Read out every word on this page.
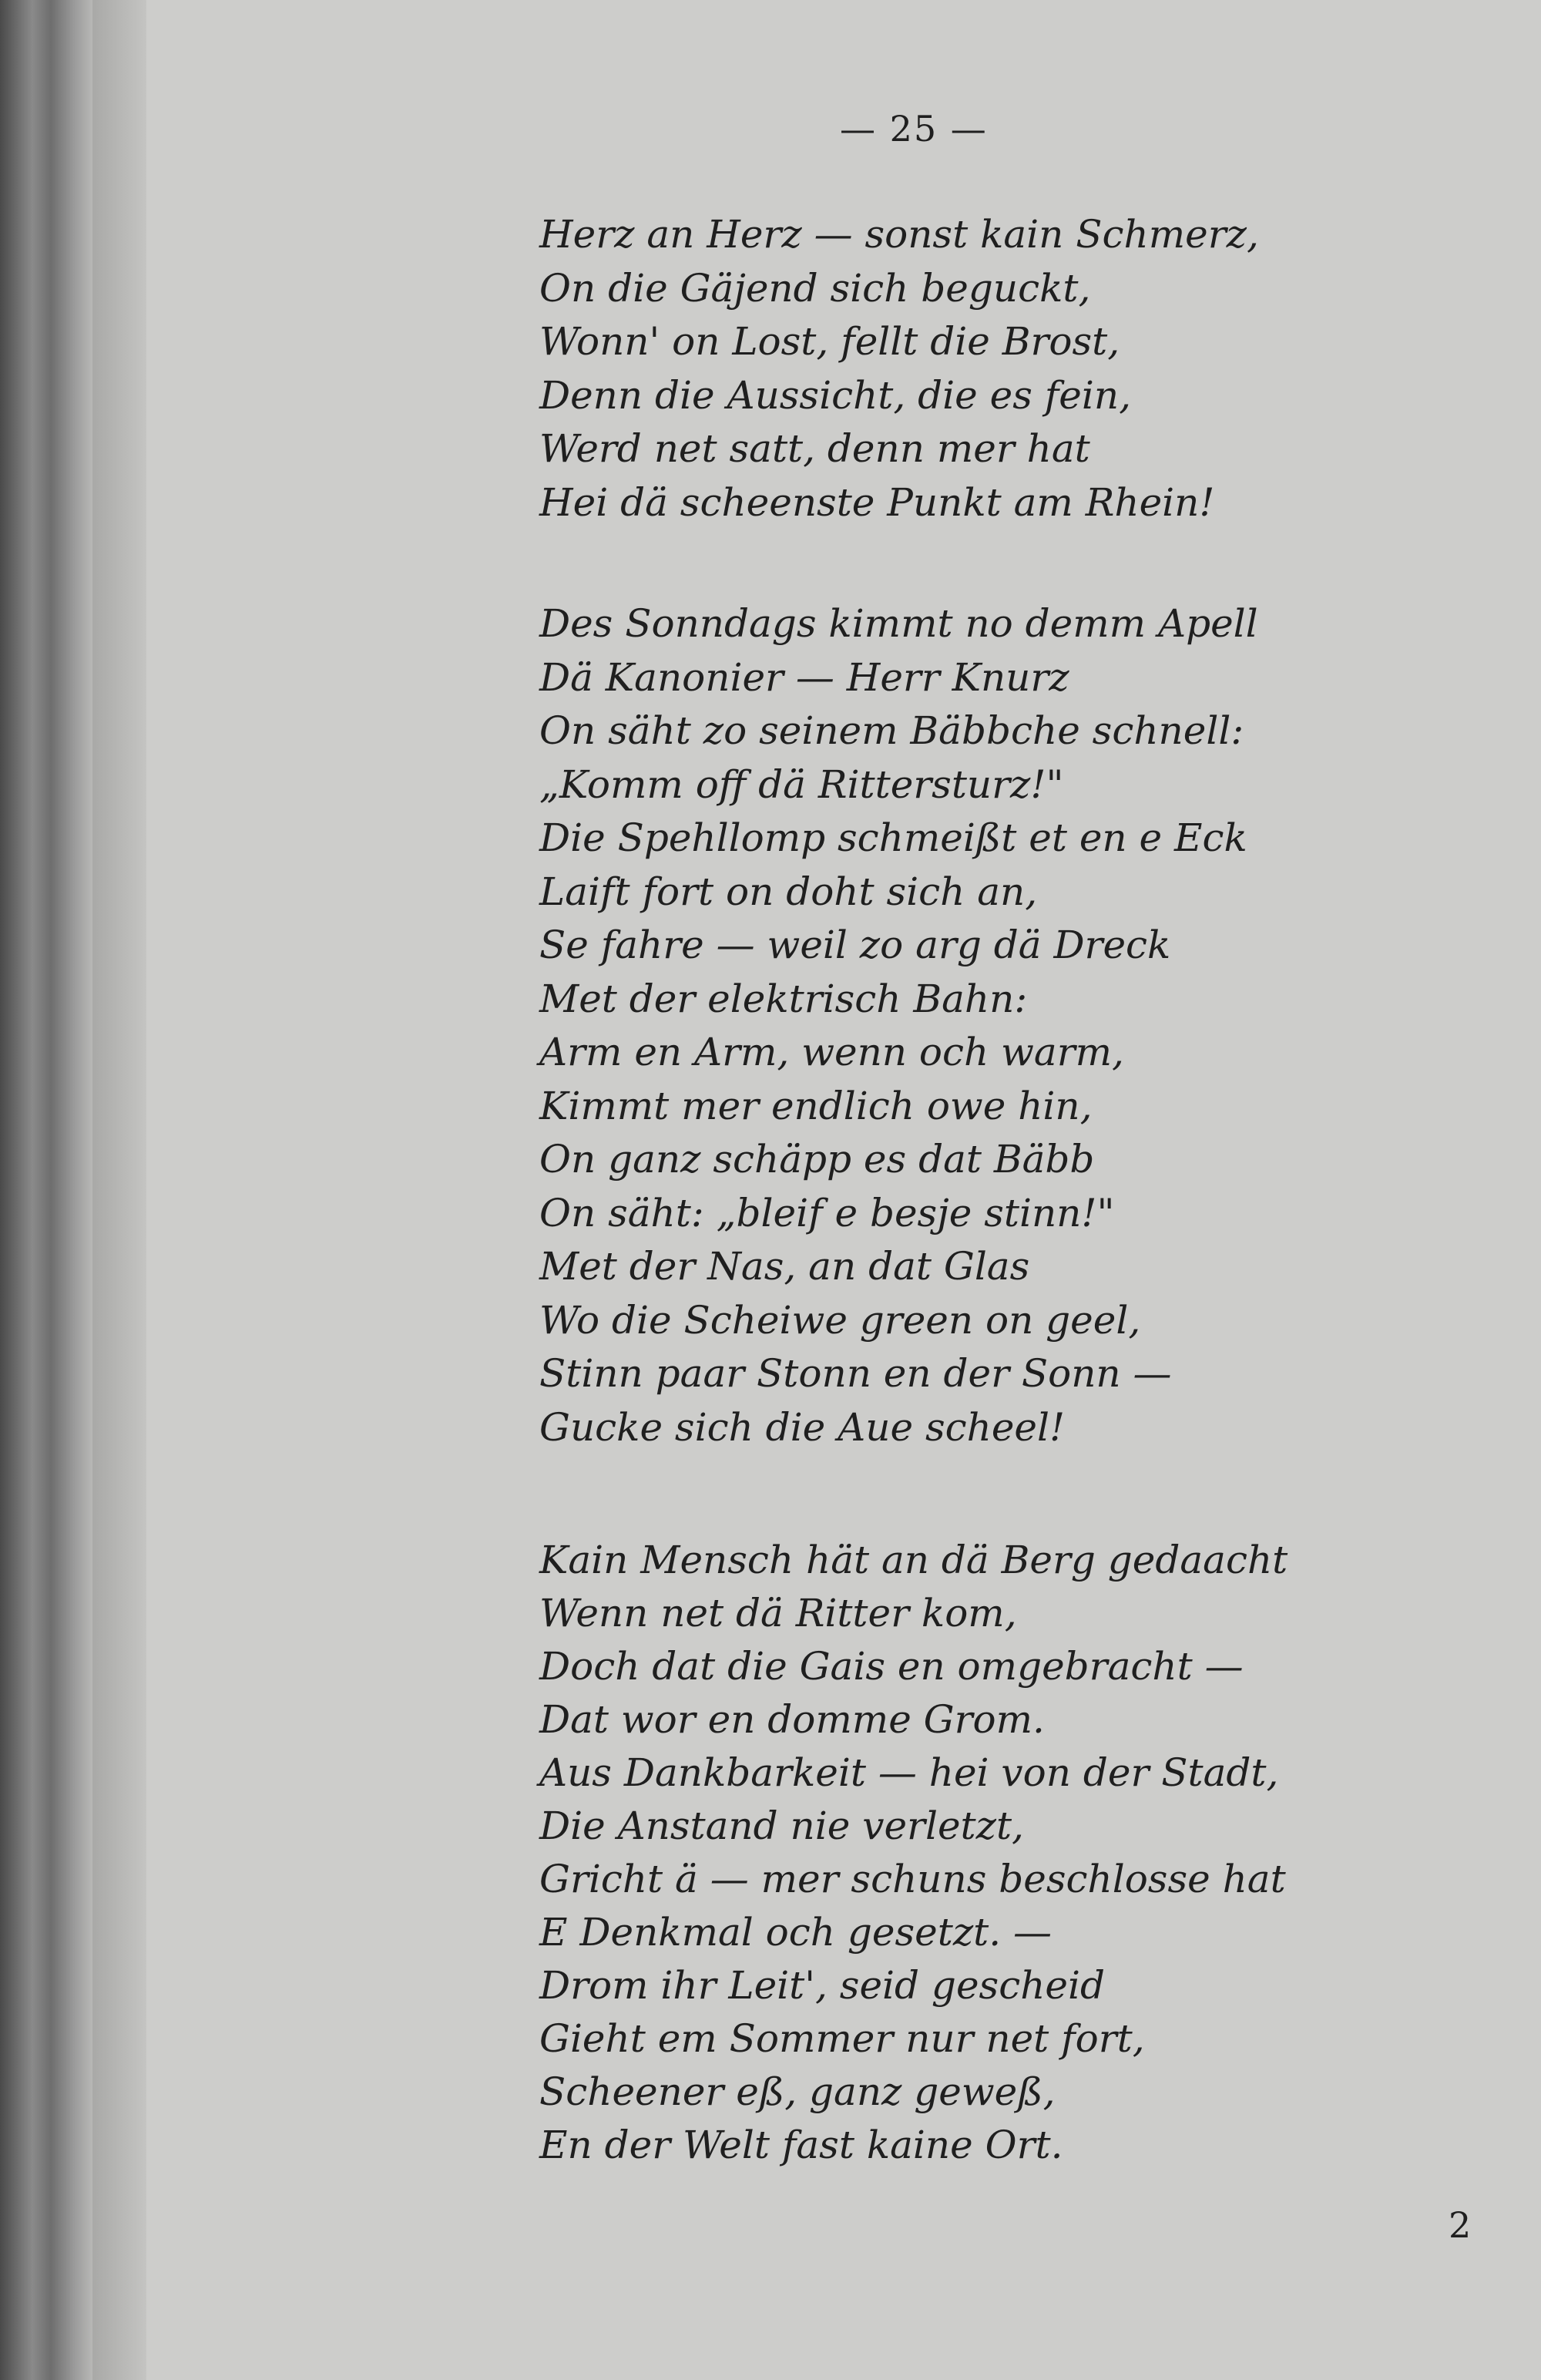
— 25 —
Herz an Herz — sonst kain Schmerz,
On die Gäjend sich beguckt,
Wonn' on Lost, fellt die Brost,
Denn die Aussicht, die es fein,
Werd net satt, denn mer hat
Hei dä scheenste Punkt am Rhein!
Des Sonndags kimmt no demm Apell
Dä Kanonier — Herr Knurz
On säht zo seinem Bäbbche schnell:
„Komm off dä Rittersturz!"
Die Spehllomp schmeißt et en e Eck
Laift fort on doht sich an,
Se fahre — weil zo arg dä Dreck
Met der elektrisch Bahn:
Arm en Arm, wenn och warm,
Kimmt mer endlich owe hin,
On ganz schäpp es dat Bäbb
On säht: „bleif e besje stinn!"
Met der Nas, an dat Glas
Wo die Scheiwe green on geel,
Stinn paar Stonn en der Sonn —
Gucke sich die Aue scheel!
Kain Mensch hät an dä Berg gedaacht
Wenn net dä Ritter kom,
Doch dat die Gais en omgebracht —
Dat wor en domme Grom.
Aus Dankbarkeit — hei von der Stadt,
Die Anstand nie verletzt,
Gricht ä — mer schuns beschlosse hat
E Denkmal och gesetzt. —
Drom ihr Leit', seid gescheid
Gieht em Sommer nur net fort,
Scheener eß, ganz geweß,
En der Welt fast kaine Ort.
2
